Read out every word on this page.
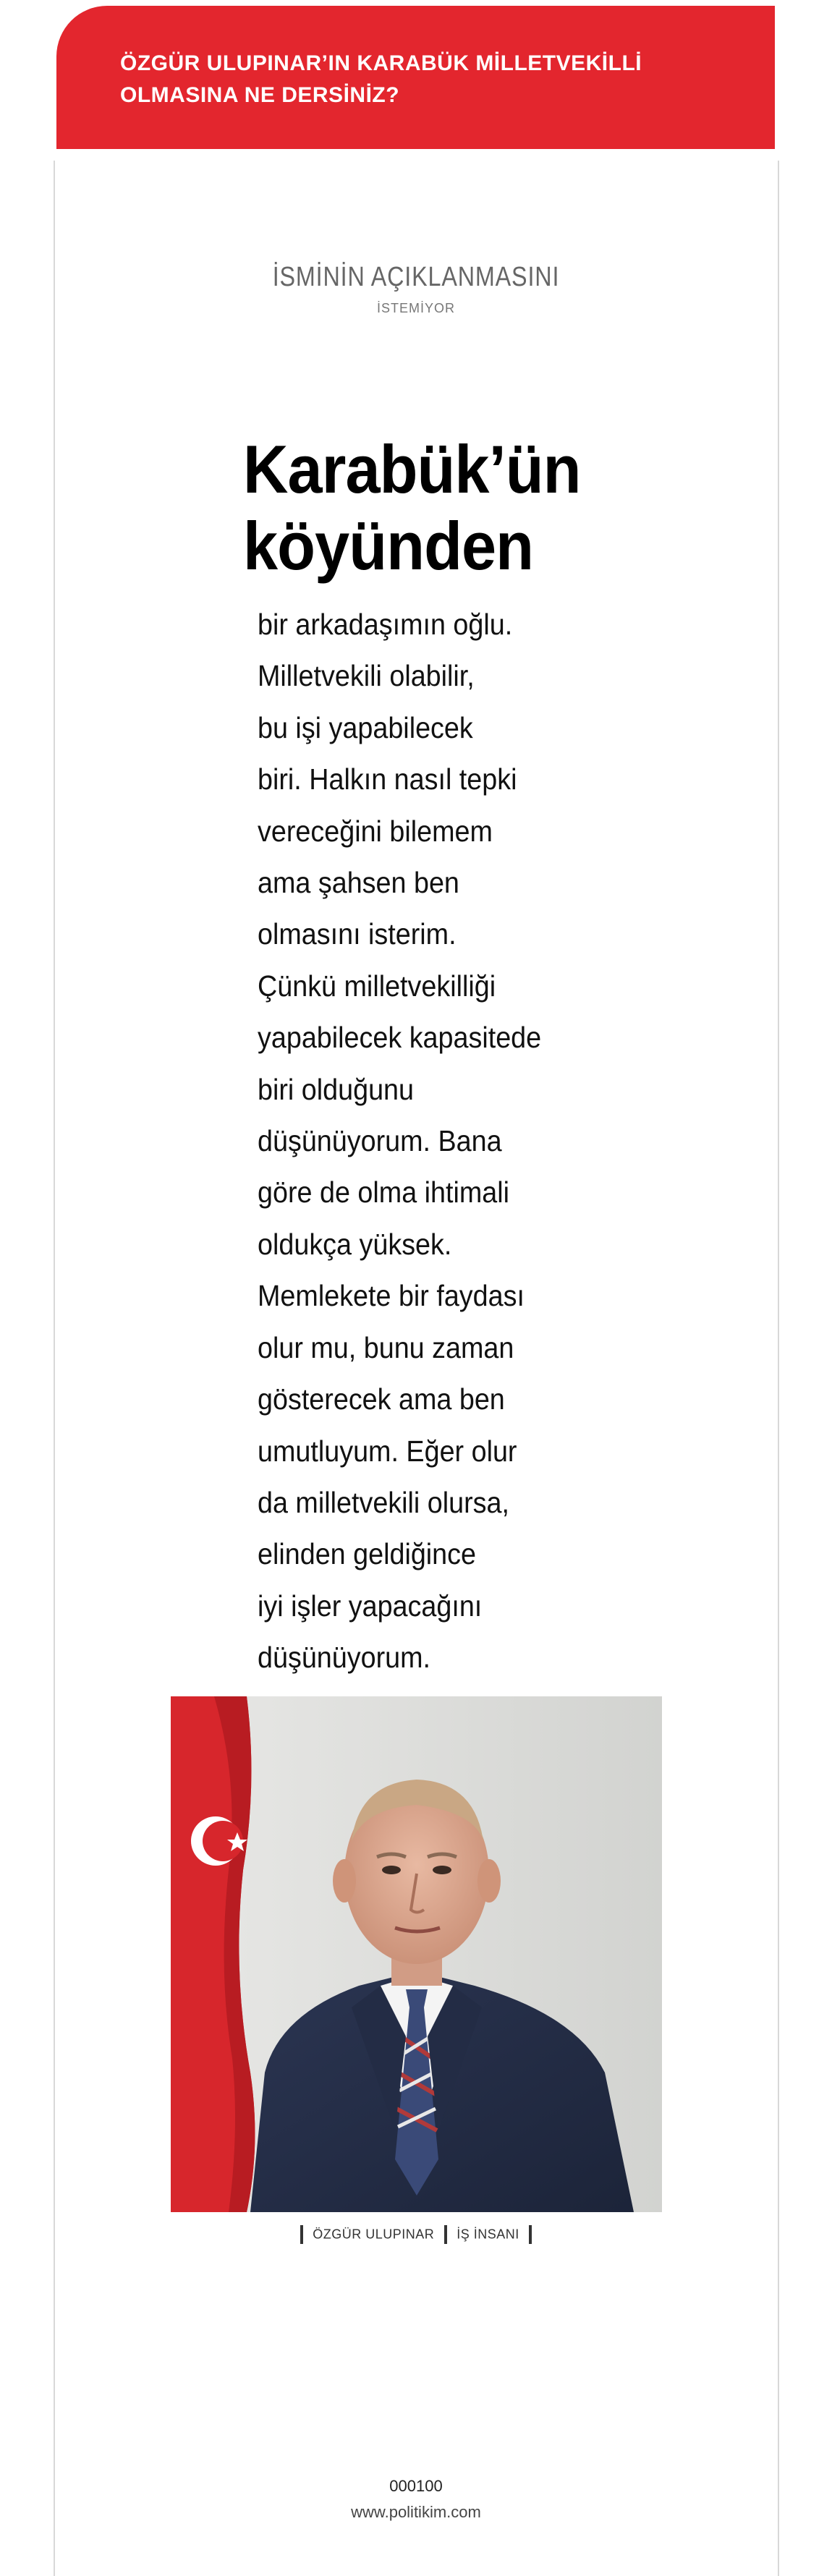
ÖZGÜR ULUPINAR’IN KARABÜK MİLLETVEKİLLİ
OLMASINA NE DERSİNİZ?
İSMİNİN AÇIKLANMASINI
İSTEMİYOR
Karabük’ün
köyünden
bir arkadaşımın oğlu.
Milletvekili olabilir,
bu işi yapabilecek
biri. Halkın nasıl tepki
vereceğini bilemem
ama şahsen ben
olmasını isterim.
Çünkü milletvekilliği
yapabilecek kapasitede
biri olduğunu
düşünüyorum. Bana
göre de olma ihtimali
oldukça yüksek.
Memlekete bir faydası
olur mu, bunu zaman
gösterecek ama ben
umutluyum. Eğer olur
da milletvekili olursa,
elinden geldiğince
iyi işler yapacağını
düşünüyorum.
ÖZGÜR ULUPINAR İŞ İNSANI
000100
www.politikim.com
